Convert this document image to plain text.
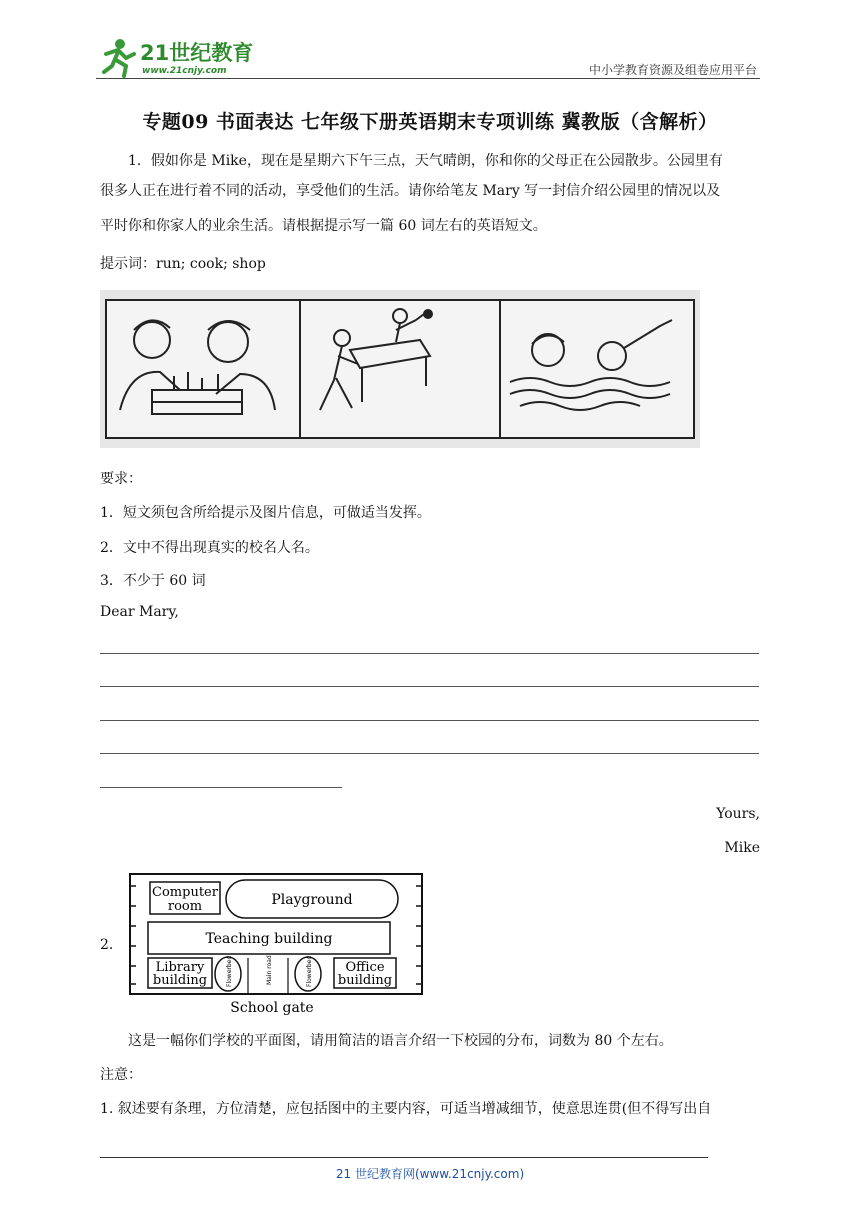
21世纪教育
www.21cnjy.com	中小学教育资源及组卷应用平台
专题09 书面表达 七年级下册英语期末专项训练 冀教版（含解析）
1．假如你是 Mike，现在是星期六下午三点，天气晴朗，你和你的父母正在公园散步。公园里有
很多人正在进行着不同的活动，享受他们的生活。请你给笔友 Mary 写一封信介绍公园里的情况以及
平时你和你家人的业余生活。请根据提示写一篇 60 词左右的英语短文。
提示词：run; cook; shop
要求：
1．短文须包含所给提示及图片信息，可做适当发挥。
2．文中不得出现真实的校名人名。
3．不少于 60 词
Dear Mary,
Yours,
Mike
2．
Computer
room	Playground
Teaching building
Library
building	Flowerbed	Flowerbed
Main road	Office
building
School gate
这是一幅你们学校的平面图，请用简洁的语言介绍一下校园的分布，词数为 80 个左右。
注意：
1. 叙述要有条理，方位清楚，应包括图中的主要内容，可适当增减细节，使意思连贯(但不得写出自
21 世纪教育网(www.21cnjy.com)
